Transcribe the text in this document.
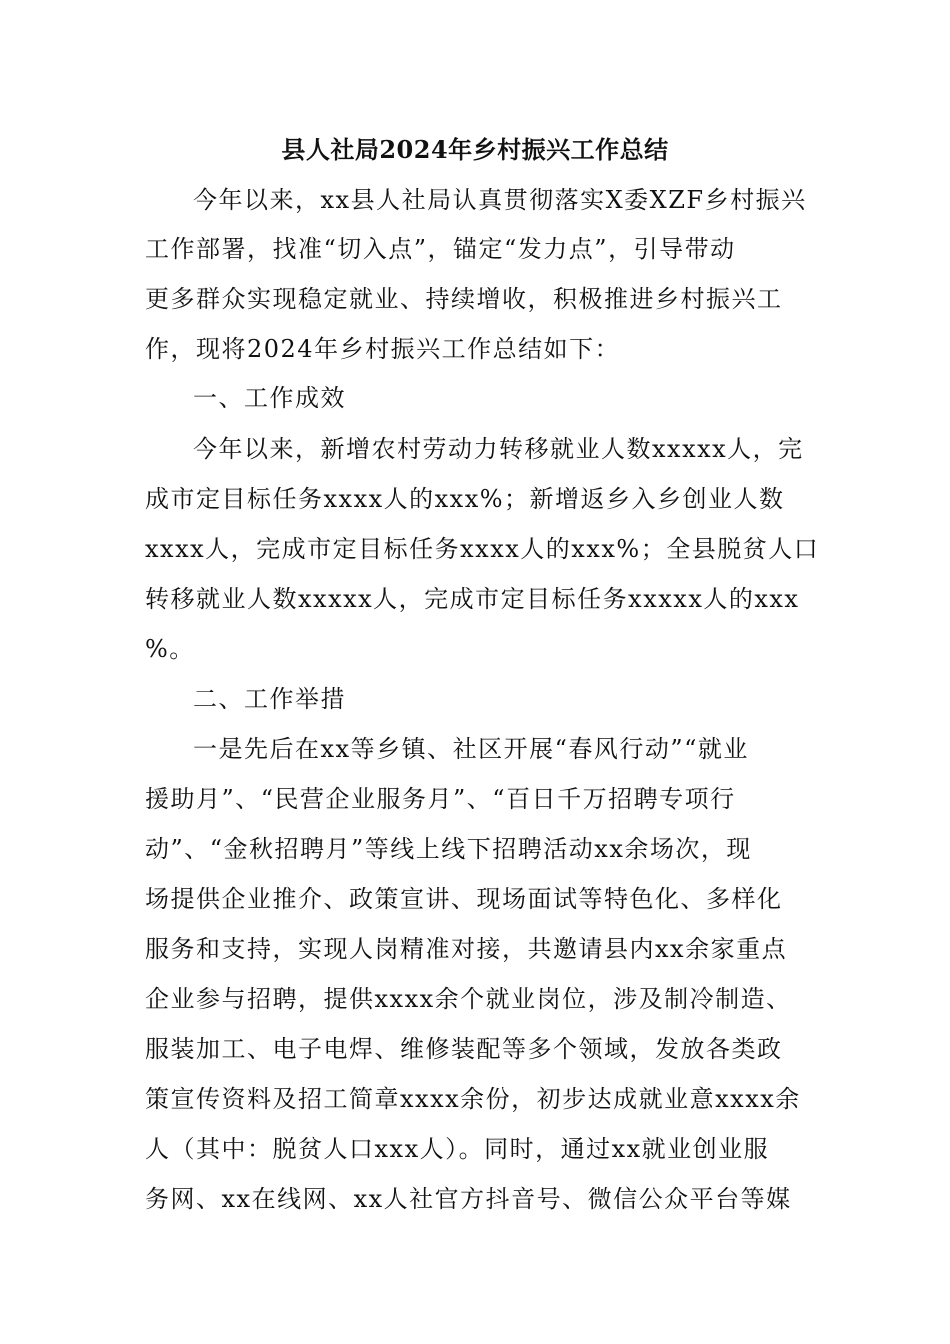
县人社局2024年乡村振兴工作总结
今年以来，xx县人社局认真贯彻落实X委XZF乡村振兴
工作部署，找准“切入点”，锚定“发力点”，引导带动
更多群众实现稳定就业、持续增收，积极推进乡村振兴工
作，现将2024年乡村振兴工作总结如下：
一、工作成效
今年以来，新增农村劳动力转移就业人数xxxxx人，完
成市定目标任务xxxx人的xxx%；新增返乡入乡创业人数
xxxx人，完成市定目标任务xxxx人的xxx%；全县脱贫人口
转移就业人数xxxxx人，完成市定目标任务xxxxx人的xxx
%。
二、工作举措
一是先后在xx等乡镇、社区开展“春风行动”“就业
援助月”、“民营企业服务月”、“百日千万招聘专项行
动”、“金秋招聘月”等线上线下招聘活动xx余场次，现
场提供企业推介、政策宣讲、现场面试等特色化、多样化
服务和支持，实现人岗精准对接，共邀请县内xx余家重点
企业参与招聘，提供xxxx余个就业岗位，涉及制冷制造、
服装加工、电子电焊、维修装配等多个领域，发放各类政
策宣传资料及招工简章xxxx余份，初步达成就业意xxxx余
人（其中：脱贫人口xxx人）。同时，通过xx就业创业服
务网、xx在线网、xx人社官方抖音号、微信公众平台等媒
